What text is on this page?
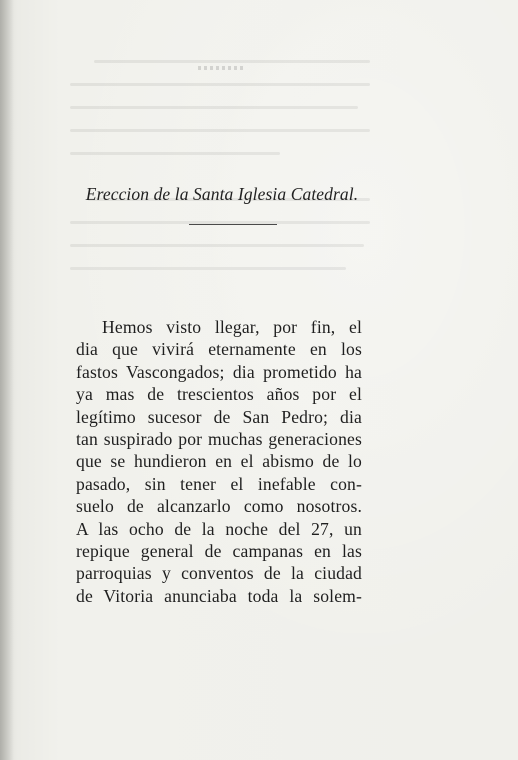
Ereccion de la Santa Iglesia Catedral.
Hemos visto llegar, por fin, el
dia que vivirá eternamente en los
fastos Vascongados; dia prometido ha
ya mas de trescientos años por el
legítimo sucesor de San Pedro; dia
tan suspirado por muchas generaciones
que se hundieron en el abismo de lo
pasado, sin tener el inefable con-
suelo de alcanzarlo como nosotros.
A las ocho de la noche del 27, un
repique general de campanas en las
parroquias y conventos de la ciudad
de Vitoria anunciaba toda la solem-
